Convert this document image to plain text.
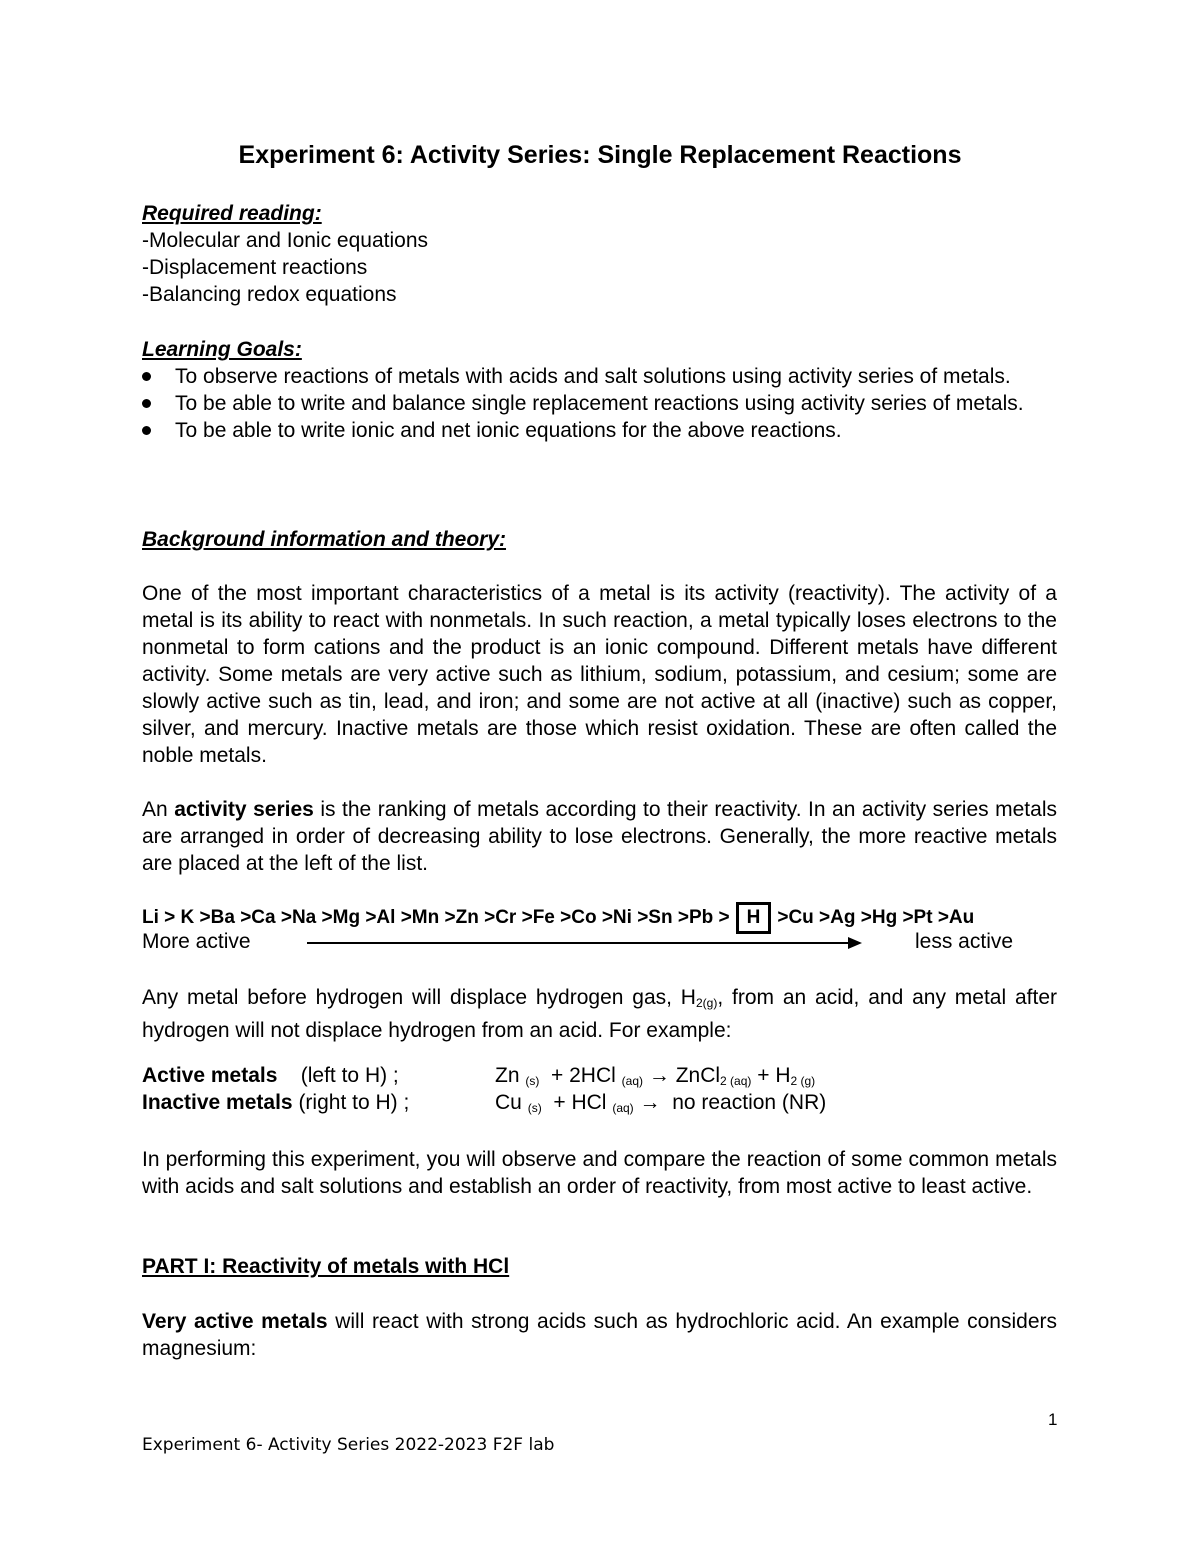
Experiment 6: Activity Series: Single Replacement Reactions
Required reading:
-Molecular and Ionic equations
-Displacement reactions
-Balancing redox equations
Learning Goals:
To observe reactions of metals with acids and salt solutions using activity series of metals.
To be able to write and balance single replacement reactions using activity series of metals.
To be able to write ionic and net ionic equations for the above reactions.
Background information and theory:
One of the most important characteristics of a metal is its activity (reactivity). The activity of a metal is its ability to react with nonmetals. In such reaction, a metal typically loses electrons to the nonmetal to form cations and the product is an ionic compound. Different metals have different activity. Some metals are very active such as lithium, sodium, potassium, and cesium; some are slowly active such as tin, lead, and iron; and some are not active at all (inactive) such as copper, silver, and mercury. Inactive metals are those which resist oxidation. These are often called the noble metals.
An activity series is the ranking of metals according to their reactivity. In an activity series metals are arranged in order of decreasing ability to lose electrons. Generally, the more reactive metals are placed at the left of the list.
Li > K >Ba >Ca >Na >Mg >Al >Mn >Zn >Cr >Fe >Co >Ni >Sn >Pb > H >Cu >Ag >Hg >Pt >Au
More active	less active
Any metal before hydrogen will displace hydrogen gas, $H_{2(g)}$, from an acid, and any metal after hydrogen will not displace hydrogen from an acid. For example:
Active metals (left to H) ;	Zn $_{(s)}$ + 2HCl $_{(aq)}$ → ZnCl$_{2 (aq)}$ + $H_{2 (g)}$
Inactive metals (right to H) ;	Cu $_{(s)}$ + HCl $_{(aq)}$ → no reaction (NR)
In performing this experiment, you will observe and compare the reaction of some common metals with acids and salt solutions and establish an order of reactivity, from most active to least active.
PART I: Reactivity of metals with HCl
Very active metals will react with strong acids such as hydrochloric acid. An example considers magnesium:
1
Experiment 6- Activity Series 2022-2023 F2F lab
